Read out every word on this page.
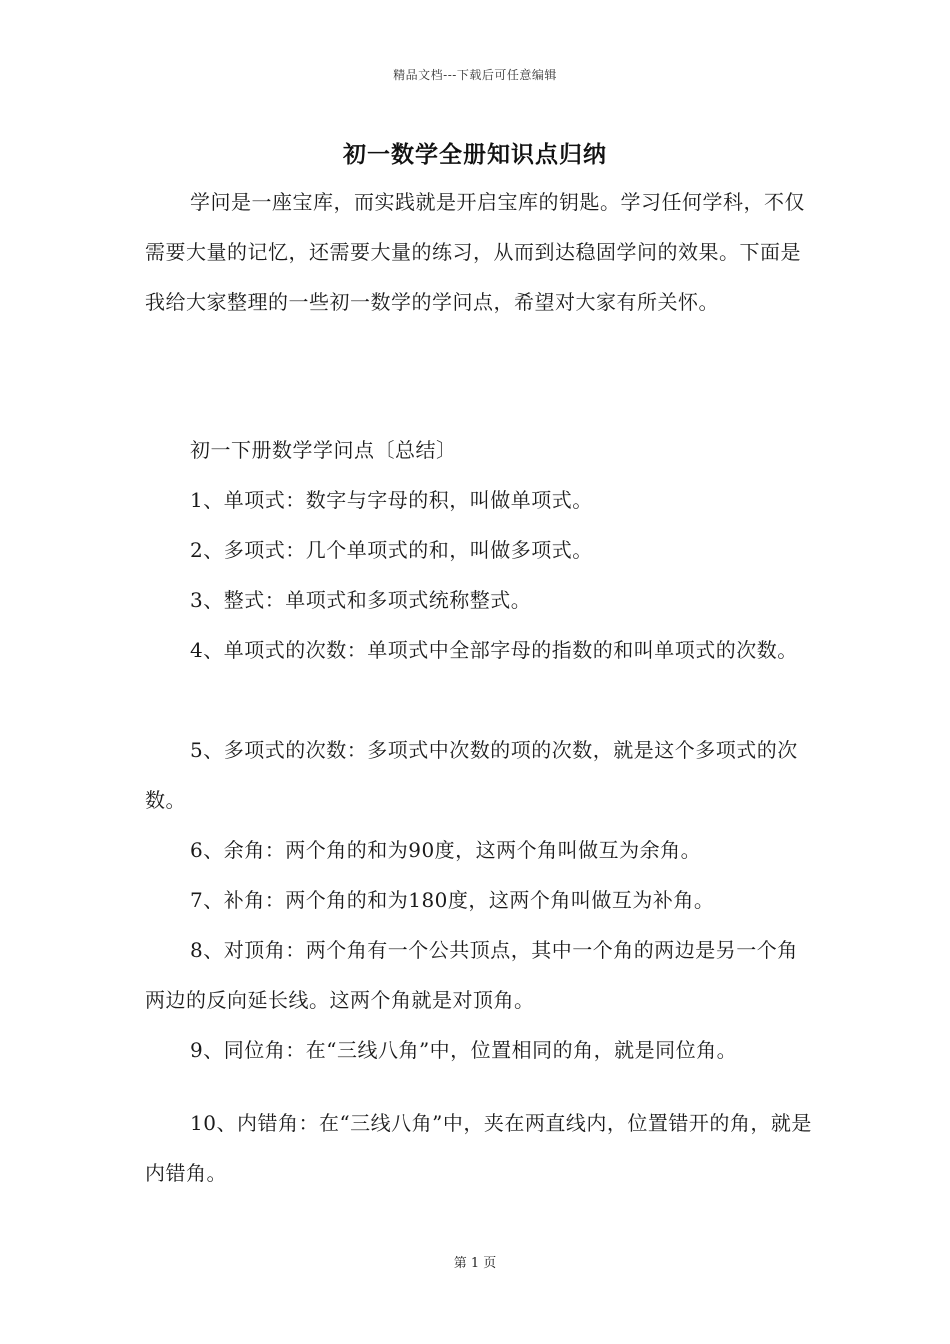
精品文档---下载后可任意编辑
初一数学全册知识点归纳

学问是一座宝库，而实践就是开启宝库的钥匙。学习任何学科，不仅需要大量的记忆，还需要大量的练习，从而到达稳固学问的效果。下面是我给大家整理的一些初一数学的学问点，希望对大家有所关怀。

初一下册数学学问点〔总结〕

1、单项式：数字与字母的积，叫做单项式。

2、多项式：几个单项式的和，叫做多项式。

3、整式：单项式和多项式统称整式。

4、单项式的次数：单项式中全部字母的指数的和叫单项式的次数。

5、多项式的次数：多项式中次数的项的次数，就是这个多项式的次数。

6、余角：两个角的和为90度，这两个角叫做互为余角。

7、补角：两个角的和为180度，这两个角叫做互为补角。

8、对顶角：两个角有一个公共顶点，其中一个角的两边是另一个角两边的反向延长线。这两个角就是对顶角。

9、同位角：在“三线八角”中，位置相同的角，就是同位角。

10、内错角：在“三线八角”中，夹在两直线内，位置错开的角，就是内错角。

第 1 页
